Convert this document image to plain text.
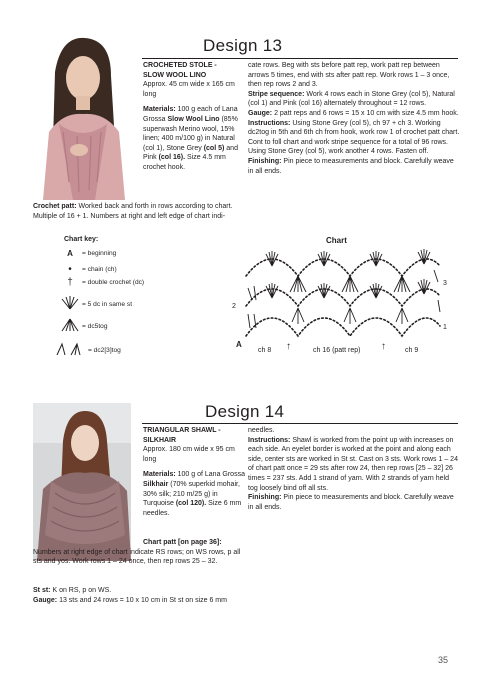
Design 13
CROCHETED STOLE -
SLOW WOOL LINO
Approx. 45 cm wide x 165 cm long
Materials: 100 g each of Lana Grossa Slow Wool Lino (85% superwash Merino wool, 15% linen; 400 m/100 g) in Natural (col 1), Stone Grey (col 5) and Pink (col 16). Size 4.5 mm crochet hook.
Crochet patt: Worked back and forth in rows according to chart. Multiple of 16 + 1. Numbers at right and left edge of chart indi-
cate rows. Beg with sts before patt rep, work patt rep between arrows 5 times, end with sts after patt rep. Work rows 1 – 3 once, then rep rows 2 and 3.
Stripe sequence: Work 4 rows each in Stone Grey (col 5), Natural (col 1) and Pink (col 16) alternately throughout = 12 rows.
Gauge: 2 patt reps and 6 rows = 15 x 10 cm with size 4.5 mm hook.
Instructions: Using Stone Grey (col 5), ch 97 + ch 3. Working dc2tog in 5th and 6th ch from hook, work row 1 of crochet patt chart. Cont to foll chart and work stripe sequence for a total of 96 rows. Using Stone Grey (col 5), work another 4 rows. Fasten off.
Finishing: Pin piece to measurements and block. Carefully weave in all ends.
Chart key:
A	= beginning
•	= chain (ch)
†	= double crochet (dc)
= 5 dc in same st
= dc5tog
= dc2[3]tog
Chart
3
2
1
A
ch 8 ↑	ch 16 (patt rep) ↑	ch 9
Design 14
TRIANGULAR SHAWL -
SILKHAIR
Approx. 180 cm wide x 95 cm long
Materials: 100 g of Lana Grossa Silkhair (70% superkid mohair, 30% silk; 210 m/25 g) in Turquoise (col 120). Size 6 mm needles.
Chart patt [on page 36]: Numbers at right edge of chart indicate RS rows; on WS rows, p all sts and yos. Work rows 1 – 24 once, then rep rows 25 – 32.
St st: K on RS, p on WS.
Gauge: 13 sts and 24 rows = 10 x 10 cm in St st on size 6 mm
needles.
Instructions: Shawl is worked from the point up with increases on each side. An eyelet border is worked at the point and along each side, center sts are worked in St st. Cast on 3 sts. Work rows 1 – 24 of chart patt once = 29 sts after row 24, then rep rows [25 – 32] 26 times = 237 sts. Add 1 strand of yarn. With 2 strands of yarn held tog loosely bind off all sts.
Finishing: Pin piece to measurements and block. Carefully weave in all ends.
35
